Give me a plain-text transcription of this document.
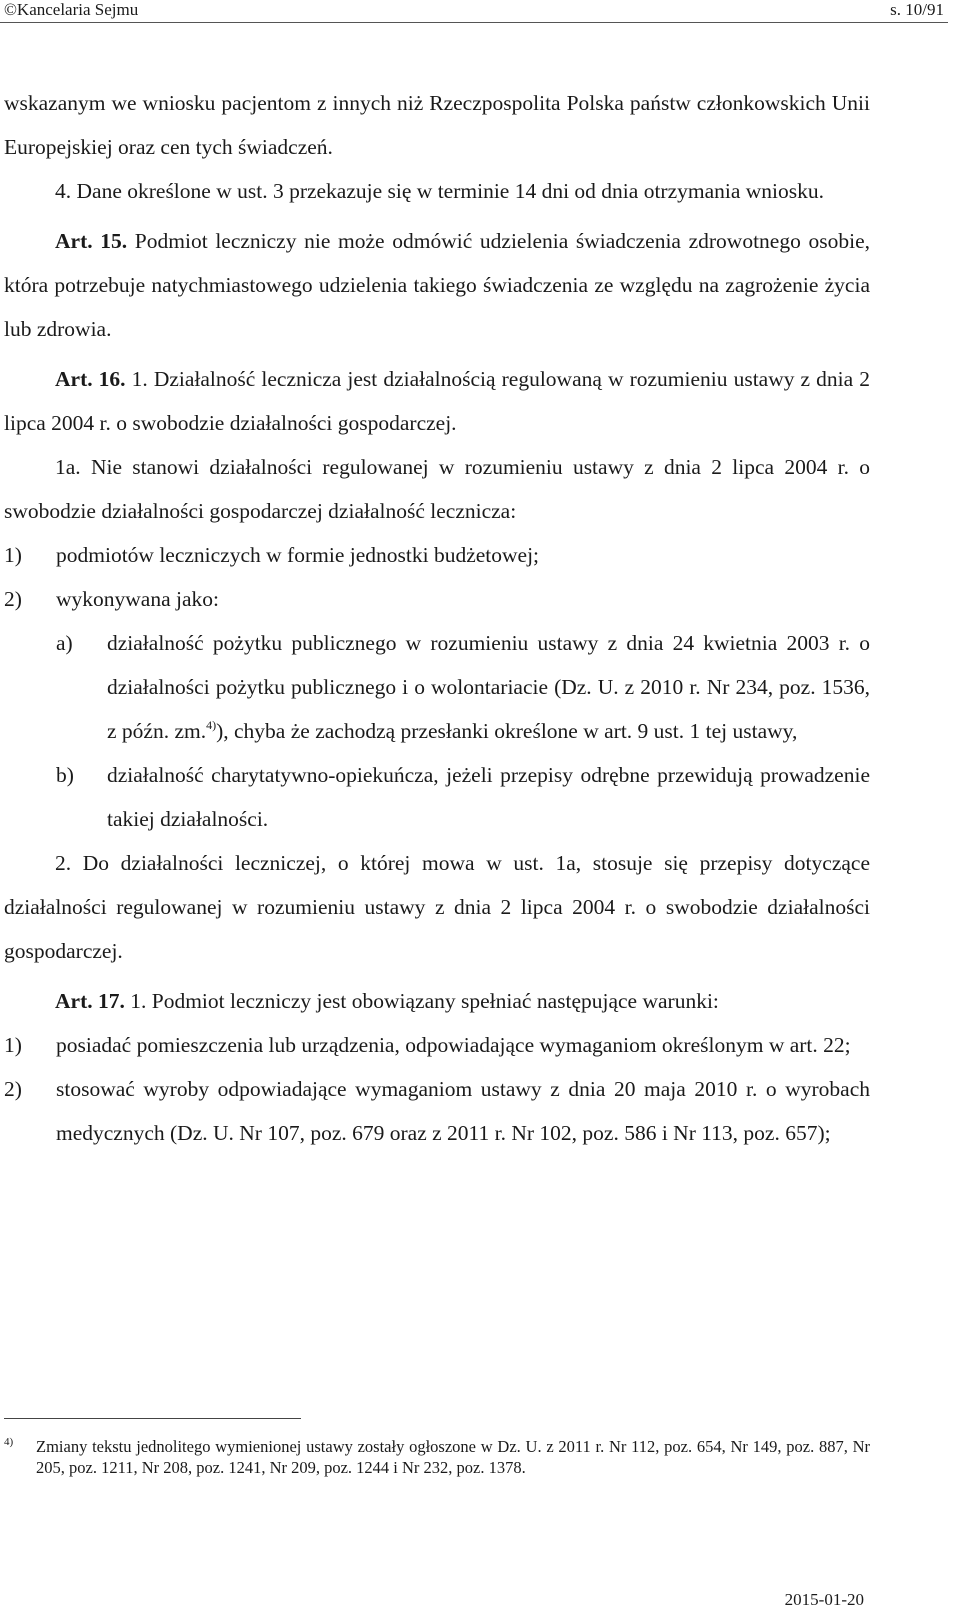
©Kancelaria Sejmu	s. 10/91

wskazanym we wniosku pacjentom z innych niż Rzeczpospolita Polska państw członkowskich Unii Europejskiej oraz cen tych świadczeń.

4. Dane określone w ust. 3 przekazuje się w terminie 14 dni od dnia otrzymania wniosku.

Art. 15. Podmiot leczniczy nie może odmówić udzielenia świadczenia zdrowotnego osobie, która potrzebuje natychmiastowego udzielenia takiego świadczenia ze względu na zagrożenie życia lub zdrowia.

Art. 16. 1. Działalność lecznicza jest działalnością regulowaną w rozumieniu ustawy z dnia 2 lipca 2004 r. o swobodzie działalności gospodarczej.

1a. Nie stanowi działalności regulowanej w rozumieniu ustawy z dnia 2 lipca 2004 r. o swobodzie działalności gospodarczej działalność lecznicza:

1) podmiotów leczniczych w formie jednostki budżetowej;
2) wykonywana jako:
a) działalność pożytku publicznego w rozumieniu ustawy z dnia 24 kwietnia 2003 r. o działalności pożytku publicznego i o wolontariacie (Dz. U. z 2010 r. Nr 234, poz. 1536, z późn. zm.$^{4)}$), chyba że zachodzą przesłanki określone w art. 9 ust. 1 tej ustawy,
b) działalność charytatywno-opiekuńcza, jeżeli przepisy odrębne przewidują prowadzenie takiej działalności.

2. Do działalności leczniczej, o której mowa w ust. 1a, stosuje się przepisy dotyczące działalności regulowanej w rozumieniu ustawy z dnia 2 lipca 2004 r. o swobodzie działalności gospodarczej.

Art. 17. 1. Podmiot leczniczy jest obowiązany spełniać następujące warunki:

1) posiadać pomieszczenia lub urządzenia, odpowiadające wymaganiom określonym w art. 22;
2) stosować wyroby odpowiadające wymaganiom ustawy z dnia 20 maja 2010 r. o wyrobach medycznych (Dz. U. Nr 107, poz. 679 oraz z 2011 r. Nr 102, poz. 586 i Nr 113, poz. 657);
4) Zmiany tekstu jednolitego wymienionej ustawy zostały ogłoszone w Dz. U. z 2011 r. Nr 112, poz. 654, Nr 149, poz. 887, Nr 205, poz. 1211, Nr 208, poz. 1241, Nr 209, poz. 1244 i Nr 232, poz. 1378.
2015-01-20
